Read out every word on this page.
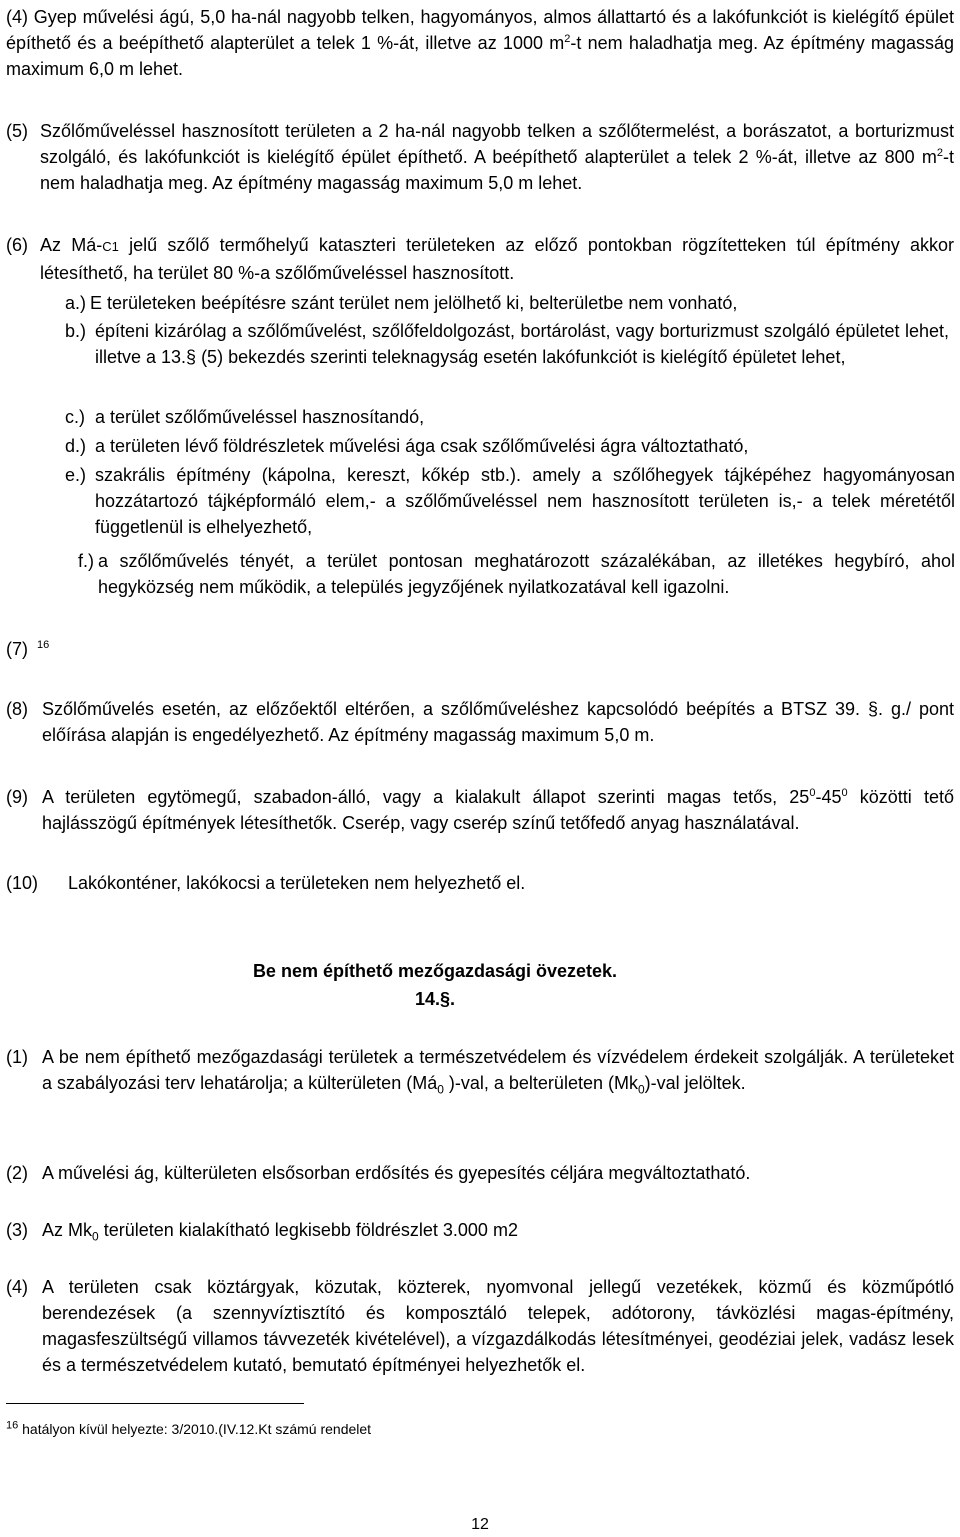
(4) Gyep művelési ágú, 5,0 ha-nál nagyobb telken, hagyományos, almos állattartó és a lakófunkciót is kielégítő épület építhető és a beépíthető alapterület a telek 1 %-át, illetve az 1000 $m^2-t$ nem haladhatja meg. Az építmény magasság maximum 6,0 m lehet.
(5) Szőlőműveléssel hasznosított területen a 2 ha-nál nagyobb telken a szőlőtermelést, a borászatot, a borturizmust szolgáló, és lakófunkciót is kielégítő épület építhető. A beépíthető alapterület a telek 2 %-át, illetve az 800 $m^2-t$ nem haladhatja meg. Az építmény magasság maximum 5,0 m lehet.
(6) Az Má-C1 jelű szőlő termőhelyű kataszteri területeken az előző pontokban rögzítetteken túl építmény akkor létesíthető, ha terület 80 %-a szőlőműveléssel hasznosított.
a.) E területeken beépítésre szánt terület nem jelölhető ki, belterületbe nem vonható,
b.) építeni kizárólag a szőlőművelést, szőlőfeldolgozást, bortárolást, vagy borturizmust szolgáló épületet lehet, illetve a 13.§ (5) bekezdés szerinti teleknagyság esetén lakófunkciót is kielégítő épületet lehet,
c.) a terület szőlőműveléssel hasznosítandó,
d.) a területen lévő földrészletek művelési ága csak szőlőművelési ágra változtatható,
e.) szakrális építmény (kápolna, kereszt, kőkép stb.). amely a szőlőhegyek tájképéhez hagyományosan hozzátartozó tájképformáló elem,- a szőlőműveléssel nem hasznosított területen is,- a telek méretétől függetlenül is elhelyezhető,
f.) a szőlőművelés tényét, a terület pontosan meghatározott százalékában, az illetékes hegybíró, ahol hegyközség nem működik, a település jegyzőjének nyilatkozatával kell igazolni.
(7) $^{16}$
(8) Szőlőművelés esetén, az előzőektől eltérően, a szőlőműveléshez kapcsolódó beépítés a BTSZ 39. §. g./ pont előírása alapján is engedélyezhető. Az építmény magasság maximum 5,0 m.
(9) A területen egytömegű, szabadon-álló, vagy a kialakult állapot szerinti magas tetős, $25^0-45^0$ közötti tető hajlásszögű építmények létesíthetők. Cserép, vagy cserép színű tetőfedő anyag használatával.
(10)	Lakókonténer, lakókocsi a területeken nem helyezhető el.
Be nem építhető mezőgazdasági övezetek.
14.§.
(1) A be nem építhető mezőgazdasági területek a természetvédelem és vízvédelem érdekeit szolgálják. A területeket a szabályozási terv lehatárolja; a külterületen ($Má_0$ )-val, a belterületen $(Mk_0)$-val jelöltek.
(2) A művelési ág, külterületen elsősorban erdősítés és gyepesítés céljára megváltoztatható.
(3) Az $Mk_0$ területen kialakítható legkisebb földrészlet 3.000 m2
(4) A területen csak köztárgyak, közutak, közterek, nyomvonal jellegű vezetékek, közmű és közműpótló berendezések (a szennyvíztisztító és komposztáló telepek, adótorony, távközlési magas-építmény, magasfeszültségű villamos távvezeték kivételével), a vízgazdálkodás létesítményei, geodéziai jelek, vadász lesek és a természetvédelem kutató, bemutató építményei helyezhetők el.
$^{16}$ hatályon kívül helyezte: 3/2010.(IV.12.Kt számú rendelet
12
